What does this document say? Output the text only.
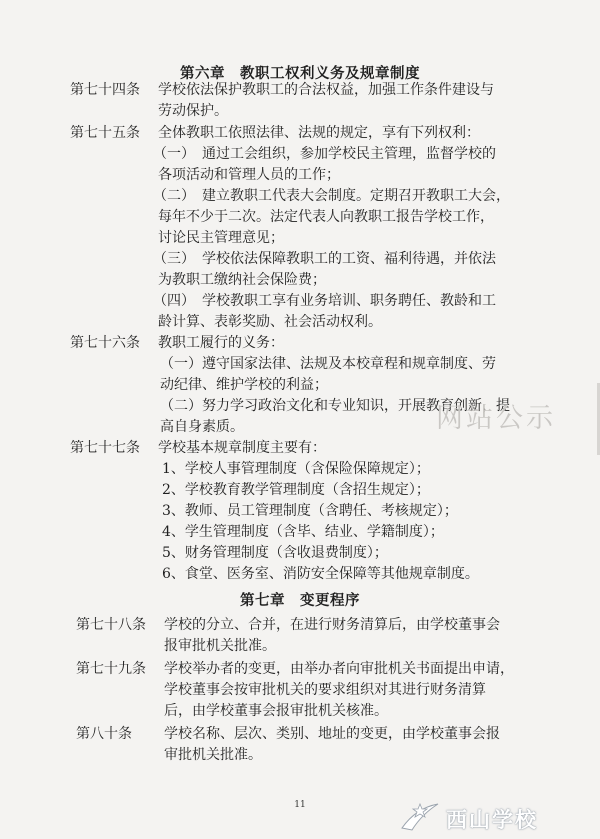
第六章　教职工权利义务及规章制度
第七十四条 学校依法保护教职工的合法权益，加强工作条件建设与
劳动保护。
第七十五条 全体教职工依照法律、法规的规定，享有下列权利：
（一）　通过工会组织，参加学校民主管理，监督学校的
各项活动和管理人员的工作；
（二）　建立教职工代表大会制度。定期召开教职工大会，
每年不少于二次。法定代表人向教职工报告学校工作，
讨论民主管理意见；
（三）　学校依法保障教职工的工资、福利待遇，并依法
为教职工缴纳社会保险费；
（四）　学校教职工享有业务培训、职务聘任、教龄和工
龄计算、表彰奖励、社会活动权利。
第七十六条 教职工履行的义务：
（一）遵守国家法律、法规及本校章程和规章制度、劳
动纪律、维护学校的利益；
（二）努力学习政治文化和专业知识，开展教育创新，提
高自身素质。
第七十七条 学校基本规章制度主要有：
1、学校人事管理制度（含保险保障规定）；
2、学校教育教学管理制度（含招生规定）；
3、教师、员工管理制度（含聘任、考核规定）；
4、学生管理制度（含毕、结业、学籍制度）；
5、财务管理制度（含收退费制度）；
6、食堂、医务室、消防安全保障等其他规章制度。
第七章　变更程序
第七十八条 学校的分立、合并，在进行财务清算后，由学校董事会
报审批机关批准。
第七十九条 学校举办者的变更，由举办者向审批机关书面提出申请，
学校董事会按审批机关的要求组织对其进行财务清算
后，由学校董事会报审批机关核准。
第八十条 学校名称、层次、类别、地址的变更，由学校董事会报
审批机关批准。
11
网站公示
西山学校
